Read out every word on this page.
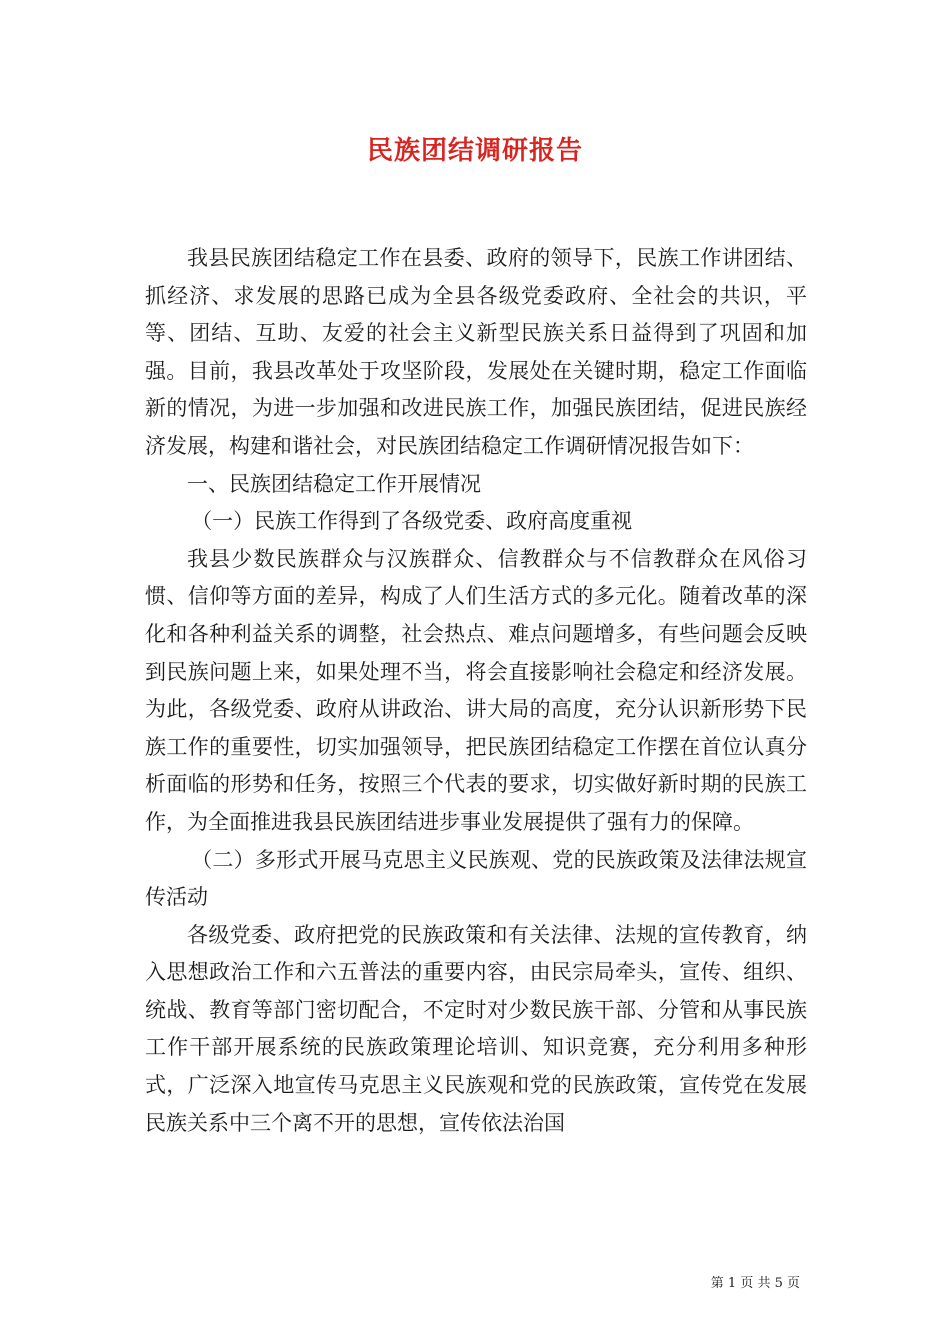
民族团结调研报告

我县民族团结稳定工作在县委、政府的领导下，民族工作讲团结、抓经济、求发展的思路已成为全县各级党委政府、全社会的共识，平等、团结、互助、友爱的社会主义新型民族关系日益得到了巩固和加强。目前，我县改革处于攻坚阶段，发展处在关键时期，稳定工作面临新的情况，为进一步加强和改进民族工作，加强民族团结，促进民族经济发展，构建和谐社会，对民族团结稳定工作调研情况报告如下：

一、民族团结稳定工作开展情况

（一）民族工作得到了各级党委、政府高度重视

我县少数民族群众与汉族群众、信教群众与不信教群众在风俗习惯、信仰等方面的差异，构成了人们生活方式的多元化。随着改革的深化和各种利益关系的调整，社会热点、难点问题增多，有些问题会反映到民族问题上来，如果处理不当，将会直接影响社会稳定和经济发展。为此，各级党委、政府从讲政治、讲大局的高度，充分认识新形势下民族工作的重要性，切实加强领导，把民族团结稳定工作摆在首位认真分析面临的形势和任务，按照三个代表的要求，切实做好新时期的民族工作，为全面推进我县民族团结进步事业发展提供了强有力的保障。

（二）多形式开展马克思主义民族观、党的民族政策及法律法规宣传活动

各级党委、政府把党的民族政策和有关法律、法规的宣传教育，纳入思想政治工作和六五普法的重要内容，由民宗局牵头，宣传、组织、统战、教育等部门密切配合，不定时对少数民族干部、分管和从事民族工作干部开展系统的民族政策理论培训、知识竞赛，充分利用多种形式，广泛深入地宣传马克思主义民族观和党的民族政策，宣传党在发展民族关系中三个离不开的思想，宣传依法治国

第 1 页 共 5 页
